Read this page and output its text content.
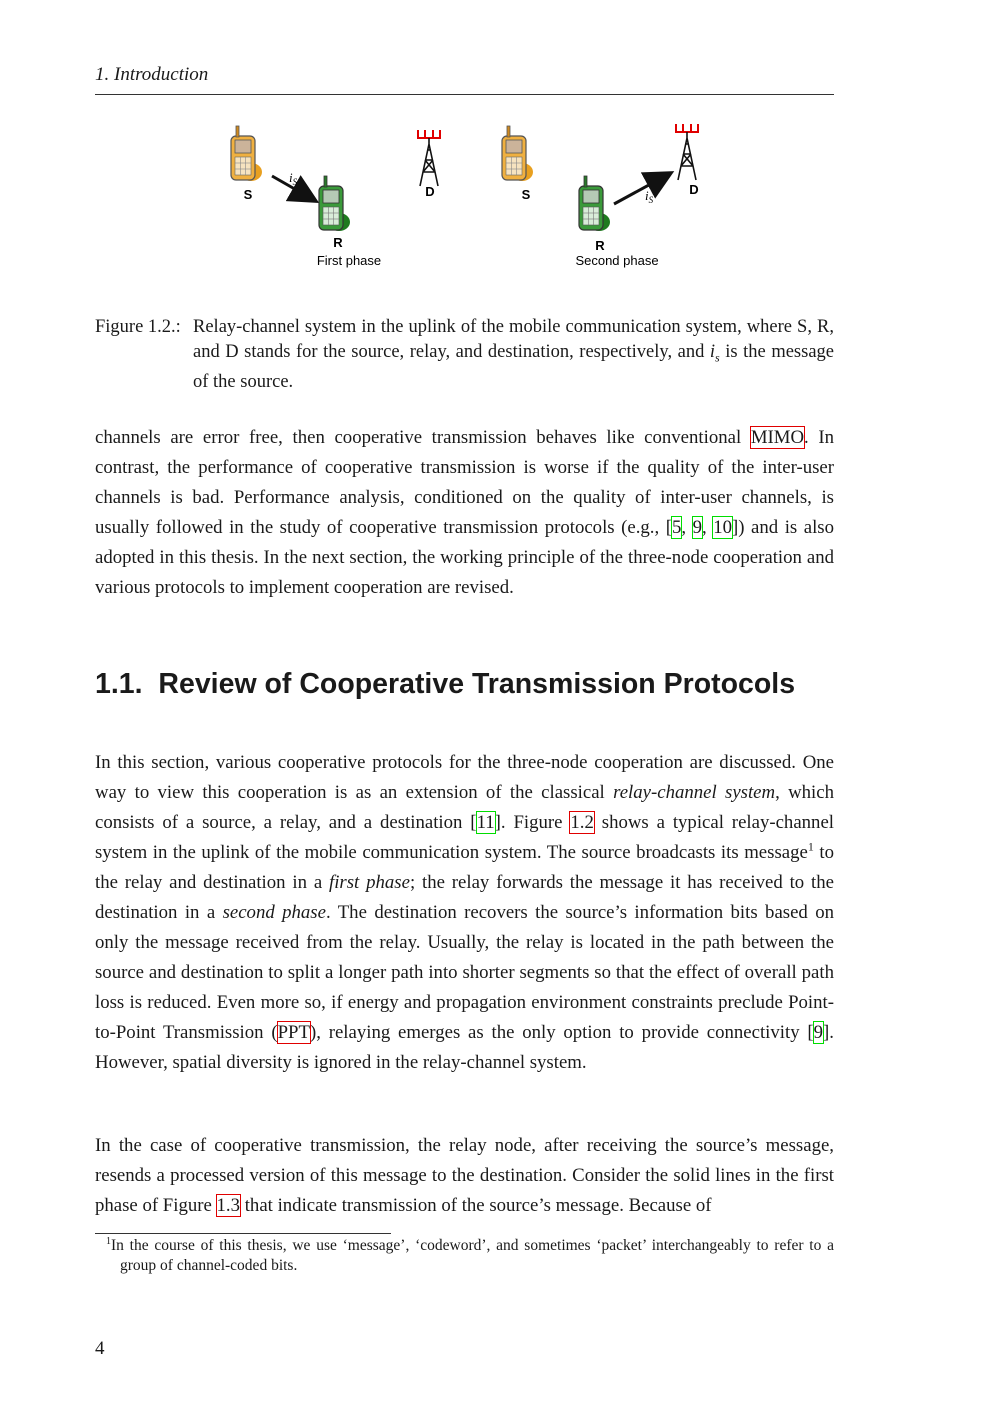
1. Introduction
S
$i_S$
R
First phase
D	S
R
$i_S$
D
Second phase
Figure 1.2.: Relay-channel system in the uplink of the mobile communication system, where S, R, and D stands for the source, relay, and destination, respectively, and $i_s$ is the message of the source.

channels are error free, then cooperative transmission behaves like conventional MIMO. In contrast, the performance of cooperative transmission is worse if the quality of the inter-user channels is bad. Performance analysis, conditioned on the quality of inter-user channels, is usually followed in the study of cooperative transmission protocols (e.g., [5, 9, 10]) and is also adopted in this thesis. In the next section, the working principle of the three-node cooperation and various protocols to implement cooperation are revised.

1.1. Review of Cooperative Transmission Protocols

In this section, various cooperative protocols for the three-node cooperation are discussed. One way to view this cooperation is as an extension of the classical relay-channel system, which consists of a source, a relay, and a destination [11]. Figure 1.2 shows a typical relay-channel system in the uplink of the mobile communication system. The source broadcasts its message$^1$ to the relay and destination in a first phase; the relay forwards the message it has received to the destination in a second phase. The destination recovers the source’s information bits based on only the message received from the relay. Usually, the relay is located in the path between the source and destination to split a longer path into shorter segments so that the effect of overall path loss is reduced. Even more so, if energy and propagation environment constraints preclude Point-to-Point Transmission (PPT), relaying emerges as the only option to provide connectivity [9]. However, spatial diversity is ignored in the relay-channel system.

In the case of cooperative transmission, the relay node, after receiving the source’s message, resends a processed version of this message to the destination. Consider the solid lines in the first phase of Figure 1.3 that indicate transmission of the source’s message. Because of

$^1$In the course of this thesis, we use ‘message’, ‘codeword’, and sometimes ‘packet’ interchangeably to refer to a group of channel-coded bits.
4
